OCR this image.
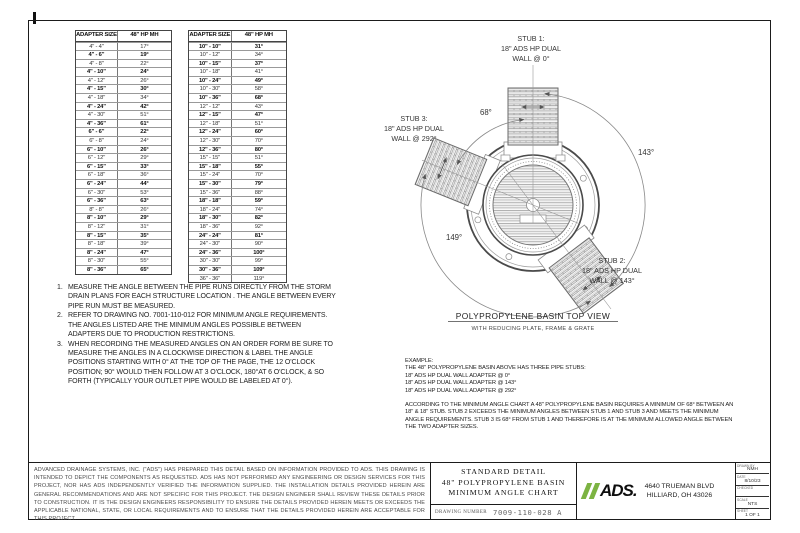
ADAPTER SIZE	48" HP MH
4" - 4"	17°
4" - 6"	19°
4" - 8"	22°
4" - 10"	24°
4" - 12"	26°
4" - 15"	30°
4" - 18"	34°
4" - 24"	42°
4" - 30"	51°
4" - 36"	61°
6" - 6"	22°
6" - 8"	24°
6" - 10"	26°
6" - 12"	29°
6" - 15"	33°
6" - 18"	36°
6" - 24"	44°
6" - 30"	53°
6" - 36"	63°
8" - 8"	26°
8" - 10"	29°
8" - 12"	31°
8" - 15"	35°
8" - 18"	39°
8" - 24"	47°
8" - 30"	55°
8" - 36"	65°
ADAPTER SIZE	48" HP MH
10" - 10"	31°
10" - 12"	34°
10" - 15"	37°
10" - 18"	41°
10" - 24"	49°
10" - 30"	58°
10" - 36"	68°
12" - 12"	43°
12" - 15"	47°
12" - 18"	51°
12" - 24"	60°
12" - 30"	70°
12" - 36"	80°
15" - 15"	51°
15" - 18"	55°
15" - 24"	70°
15" - 30"	79°
15" - 36"	88°
18" - 18"	59°
18" - 24"	74°
18" - 30"	82°
18" - 36"	92°
24" - 24"	81°
24" - 30"	90°
24" - 36"	100°
30" - 30"	99°
30" - 36"	109°
36" - 36"	119°
1. MEASURE THE ANGLE BETWEEN THE PIPE RUNS DIRECTLY FROM THE STORM DRAIN PLANS FOR EACH STRUCTURE LOCATION . THE ANGLE BETWEEN EVERY PIPE RUN MUST BE MEASURED.
2. REFER TO DRAWING NO. 7001-110-012 FOR MINIMUM ANGLE REQUIREMENTS. THE ANGLES LISTED ARE THE MINIMUM ANGLES POSSIBLE BETWEEN ADAPTERS DUE TO PRODUCTION RESTRICTIONS.
3. WHEN RECORDING THE MEASURED ANGLES ON AN ORDER FORM BE SURE TO MEASURE THE ANGLES IN A CLOCKWISE DIRECTION & LABEL THE ANGLE POSITIONS STARTING WITH 0° AT THE TOP OF THE PAGE, THE 12 O'CLOCK POSITION; 90° WOULD THEN FOLLOW AT 3 O'CLOCK, 180°AT 6 O'CLOCK, & SO FORTH (TYPICALLY YOUR OUTLET PIPE WOULD BE LABELED AT 0°).
68°
143°
149°
STUB 1:
18" ADS HP DUAL
WALL @ 0°
STUB 3:
18" ADS HP DUAL
WALL @ 292°
STUB 2:
18" ADS HP DUAL
WALL @ 143°
POLYPROPYLENE BASIN TOP VIEW
WITH REDUCING PLATE, FRAME & GRATE
EXAMPLE:
THE 48" POLYPROPYLENE BASIN ABOVE HAS THREE PIPE STUBS:
18" ADS HP DUAL WALL ADAPTER @ 0°
18" ADS HP DUAL WALL ADAPTER @ 143°
18" ADS HP DUAL WALL ADAPTER @ 292°

ACCORDING TO THE MINIMUM ANGLE CHART A 48" POLYPROPYLENE BASIN REQUIRES A MINIMUM OF 68° BETWEEN AN 18" & 18" STUB. STUB 2 EXCEEDS THE MINIMUM ANGLES BETWEEN STUB 1 AND STUB 3 AND MEETS THE MINIMUM ANGLE REQUIREMENTS. STUB 3 IS 68° FROM STUB 1 AND THEREFORE IS AT THE MINIMUM ALLOWED ANGLE BETWEEN THE TWO ADAPTER SIZES.

ADVANCED DRAINAGE SYSTEMS, INC. ("ADS") HAS PREPARED THIS DETAIL BASED ON INFORMATION PROVIDED TO ADS. THIS DRAWING IS INTENDED TO DEPICT THE COMPONENTS AS REQUESTED. ADS HAS NOT PERFORMED ANY ENGINEERING OR DESIGN SERVICES FOR THIS PROJECT, NOR HAS ADS INDEPENDENTLY VERIFIED THE INFORMATION SUPPLIED. THE INSTALLATION DETAILS PROVIDED HEREIN ARE GENERAL RECOMMENDATIONS AND ARE NOT SPECIFIC FOR THIS PROJECT. THE DESIGN ENGINEER SHALL REVIEW THESE DETAILS PRIOR TO CONSTRUCTION. IT IS THE DESIGN ENGINEERS RESPONSIBILITY TO ENSURE THE DETAILS PROVIDED HEREIN MEETS OR EXCEEDS THE APPLICABLE NATIONAL, STATE, OR LOCAL REQUIREMENTS AND TO ENSURE THAT THE DETAILS PROVIDED HEREIN ARE ACCEPTABLE FOR THIS PROJECT.
STANDARD DETAIL
48" POLYPROPYLENE BASIN
MINIMUM ANGLE CHART
DRAWING NUMBER 7009-110-028 A
ADS. 4640 TRUEMAN BLVD
HILLIARD, OH 43026
DRAWN BY
NMH
DATE
8/10/23
CHECKED
SCALE
NTS
SHEET
1 OF 1
